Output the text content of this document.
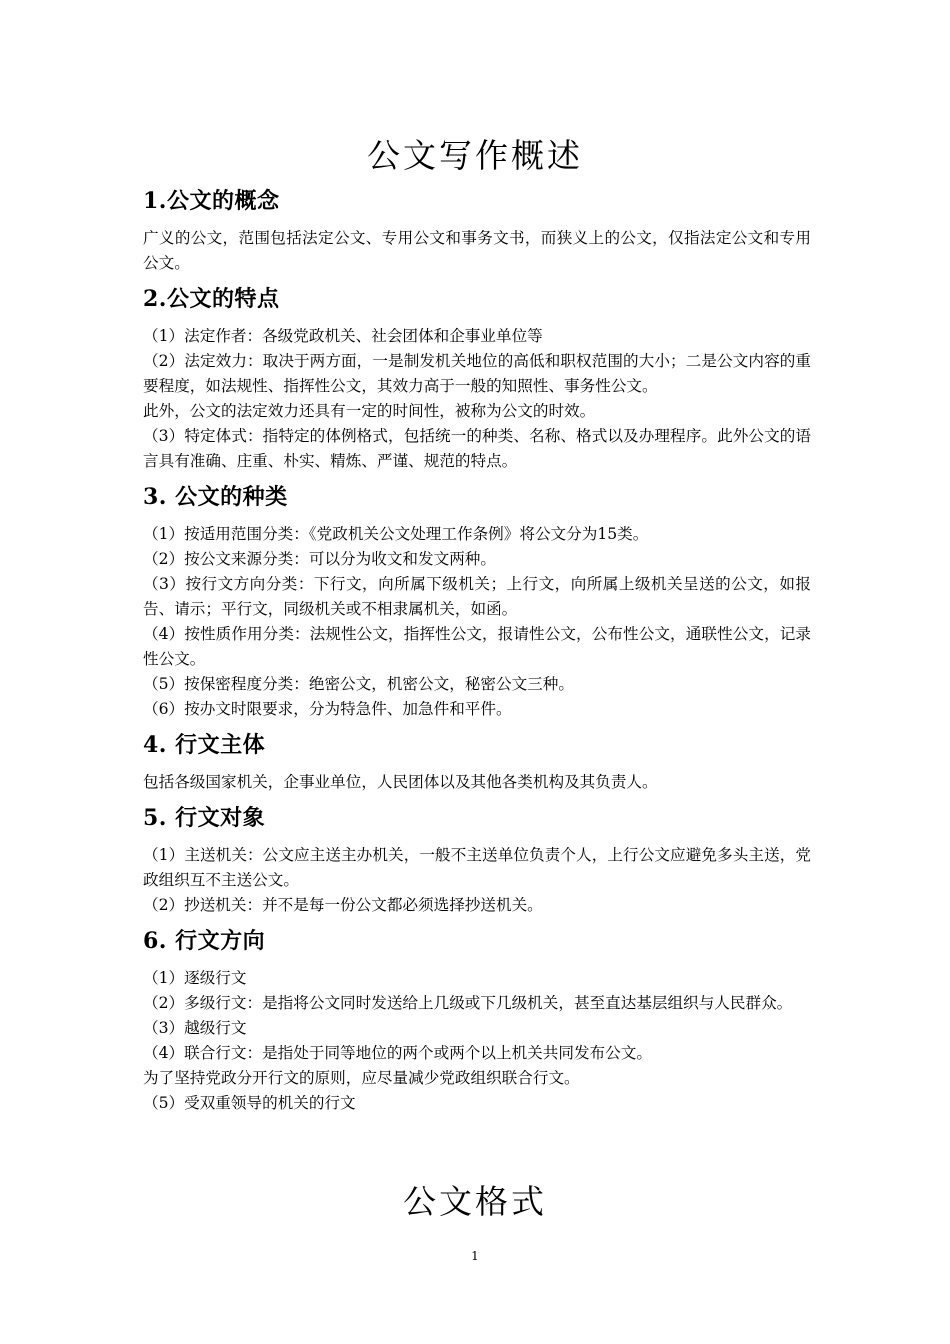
公文写作概述
1.公文的概念

广义的公文，范围包括法定公文、专用公文和事务文书，而狭义上的公文，仅指法定公文和专用公文。

2.公文的特点

（1）法定作者：各级党政机关、社会团体和企事业单位等

（2）法定效力：取决于两方面，一是制发机关地位的高低和职权范围的大小；二是公文内容的重要程度，如法规性、指挥性公文，其效力高于一般的知照性、事务性公文。

此外，公文的法定效力还具有一定的时间性，被称为公文的时效。

（3）特定体式：指特定的体例格式，包括统一的种类、名称、格式以及办理程序。此外公文的语言具有准确、庄重、朴实、精炼、严谨、规范的特点。

3. 公文的种类

（1）按适用范围分类：《党政机关公文处理工作条例》将公文分为15类。

（2）按公文来源分类：可以分为收文和发文两种。

（3）按行文方向分类：下行文，向所属下级机关；上行文，向所属上级机关呈送的公文，如报告、请示；平行文，同级机关或不相隶属机关，如函。

（4）按性质作用分类：法规性公文，指挥性公文，报请性公文，公布性公文，通联性公文，记录性公文。

（5）按保密程度分类：绝密公文，机密公文，秘密公文三种。

（6）按办文时限要求，分为特急件、加急件和平件。

4. 行文主体

包括各级国家机关，企事业单位，人民团体以及其他各类机构及其负责人。

5. 行文对象

（1）主送机关：公文应主送主办机关，一般不主送单位负责个人，上行公文应避免多头主送，党政组织互不主送公文。

（2）抄送机关：并不是每一份公文都必须选择抄送机关。

6. 行文方向

（1）逐级行文

（2）多级行文：是指将公文同时发送给上几级或下几级机关，甚至直达基层组织与人民群众。

（3）越级行文

（4）联合行文：是指处于同等地位的两个或两个以上机关共同发布公文。

为了坚持党政分开行文的原则，应尽量减少党政组织联合行文。

（5）受双重领导的机关的行文

公文格式
1
